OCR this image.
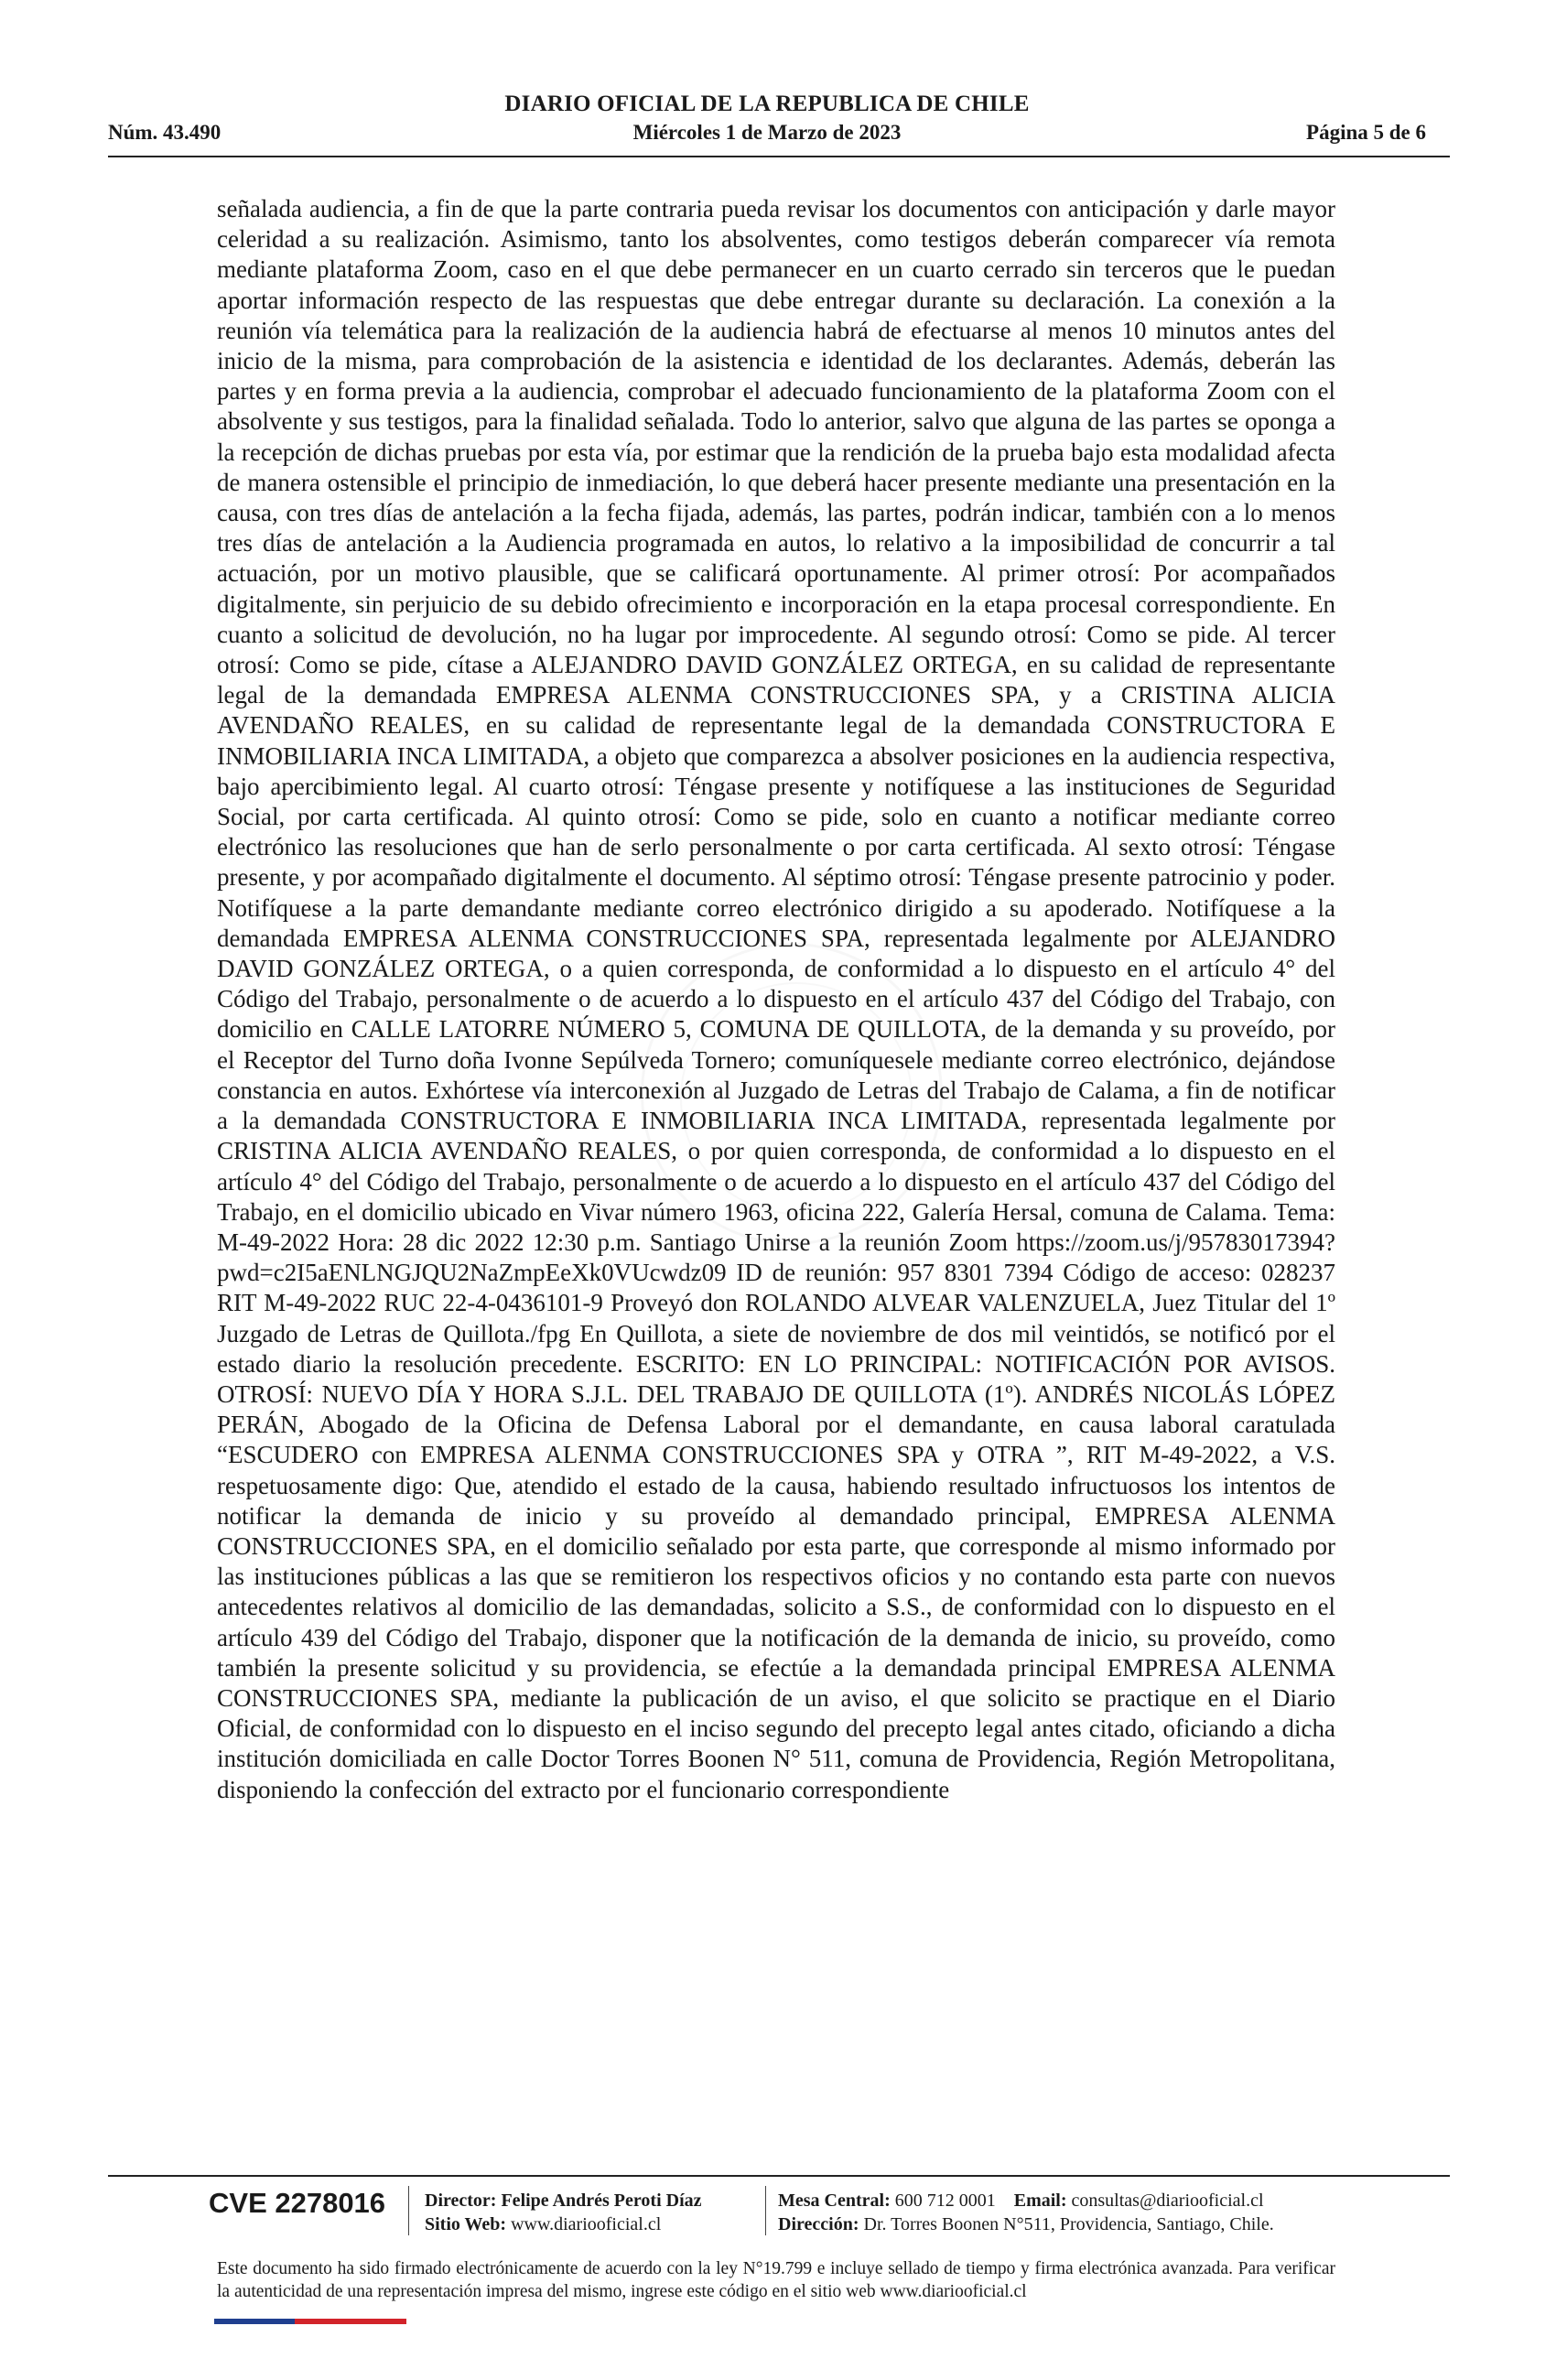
DIARIO OFICIAL DE LA REPUBLICA DE CHILE
Núm. 43.490	Miércoles 1 de Marzo de 2023	Página 5 de 6
señalada audiencia, a fin de que la parte contraria pueda revisar los documentos con anticipación y darle mayor celeridad a su realización. Asimismo, tanto los absolventes, como testigos deberán comparecer vía remota mediante plataforma Zoom, caso en el que debe permanecer en un cuarto cerrado sin terceros que le puedan aportar información respecto de las respuestas que debe entregar durante su declaración. La conexión a la reunión vía telemática para la realización de la audiencia habrá de efectuarse al menos 10 minutos antes del inicio de la misma, para comprobación de la asistencia e identidad de los declarantes. Además, deberán las partes y en forma previa a la audiencia, comprobar el adecuado funcionamiento de la plataforma Zoom con el absolvente y sus testigos, para la finalidad señalada. Todo lo anterior, salvo que alguna de las partes se oponga a la recepción de dichas pruebas por esta vía, por estimar que la rendición de la prueba bajo esta modalidad afecta de manera ostensible el principio de inmediación, lo que deberá hacer presente mediante una presentación en la causa, con tres días de antelación a la fecha fijada, además, las partes, podrán indicar, también con a lo menos tres días de antelación a la Audiencia programada en autos, lo relativo a la imposibilidad de concurrir a tal actuación, por un motivo plausible, que se calificará oportunamente. Al primer otrosí: Por acompañados digitalmente, sin perjuicio de su debido ofrecimiento e incorporación en la etapa procesal correspondiente. En cuanto a solicitud de devolución, no ha lugar por improcedente. Al segundo otrosí: Como se pide. Al tercer otrosí: Como se pide, cítase a ALEJANDRO DAVID GONZÁLEZ ORTEGA, en su calidad de representante legal de la demandada EMPRESA ALENMA CONSTRUCCIONES SPA, y a CRISTINA ALICIA AVENDAÑO REALES, en su calidad de representante legal de la demandada CONSTRUCTORA E INMOBILIARIA INCA LIMITADA, a objeto que comparezca a absolver posiciones en la audiencia respectiva, bajo apercibimiento legal. Al cuarto otrosí: Téngase presente y notifíquese a las instituciones de Seguridad Social, por carta certificada. Al quinto otrosí: Como se pide, solo en cuanto a notificar mediante correo electrónico las resoluciones que han de serlo personalmente o por carta certificada. Al sexto otrosí: Téngase presente, y por acompañado digitalmente el documento. Al séptimo otrosí: Téngase presente patrocinio y poder. Notifíquese a la parte demandante mediante correo electrónico dirigido a su apoderado. Notifíquese a la demandada EMPRESA ALENMA CONSTRUCCIONES SPA, representada legalmente por ALEJANDRO DAVID GONZÁLEZ ORTEGA, o a quien corresponda, de conformidad a lo dispuesto en el artículo 4° del Código del Trabajo, personalmente o de acuerdo a lo dispuesto en el artículo 437 del Código del Trabajo, con domicilio en CALLE LATORRE NÚMERO 5, COMUNA DE QUILLOTA, de la demanda y su proveído, por el Receptor del Turno doña Ivonne Sepúlveda Tornero; comuníquesele mediante correo electrónico, dejándose constancia en autos. Exhórtese vía interconexión al Juzgado de Letras del Trabajo de Calama, a fin de notificar a la demandada CONSTRUCTORA E INMOBILIARIA INCA LIMITADA, representada legalmente por CRISTINA ALICIA AVENDAÑO REALES, o por quien corresponda, de conformidad a lo dispuesto en el artículo 4° del Código del Trabajo, personalmente o de acuerdo a lo dispuesto en el artículo 437 del Código del Trabajo, en el domicilio ubicado en Vivar número 1963, oficina 222, Galería Hersal, comuna de Calama. Tema: M-49-2022 Hora: 28 dic 2022 12:30 p.m. Santiago Unirse a la reunión Zoom https://zoom.us/j/95783017394?pwd=c2I5aENLNGJQU2NaZmpEeXk0VUcwdz09 ID de reunión: 957 8301 7394 Código de acceso: 028237 RIT M-49-2022 RUC 22-4-0436101-9 Proveyó don ROLANDO ALVEAR VALENZUELA, Juez Titular del 1º Juzgado de Letras de Quillota./fpg En Quillota, a siete de noviembre de dos mil veintidós, se notificó por el estado diario la resolución precedente. ESCRITO: EN LO PRINCIPAL: NOTIFICACIÓN POR AVISOS. OTROSÍ: NUEVO DÍA Y HORA S.J.L. DEL TRABAJO DE QUILLOTA (1º). ANDRÉS NICOLÁS LÓPEZ PERÁN, Abogado de la Oficina de Defensa Laboral por el demandante, en causa laboral caratulada “ESCUDERO con EMPRESA ALENMA CONSTRUCCIONES SPA y OTRA ”, RIT M-49-2022, a V.S. respetuosamente digo: Que, atendido el estado de la causa, habiendo resultado infructuosos los intentos de notificar la demanda de inicio y su proveído al demandado principal, EMPRESA ALENMA CONSTRUCCIONES SPA, en el domicilio señalado por esta parte, que corresponde al mismo informado por las instituciones públicas a las que se remitieron los respectivos oficios y no contando esta parte con nuevos antecedentes relativos al domicilio de las demandadas, solicito a S.S., de conformidad con lo dispuesto en el artículo 439 del Código del Trabajo, disponer que la notificación de la demanda de inicio, su proveído, como también la presente solicitud y su providencia, se efectúe a la demandada principal EMPRESA ALENMA CONSTRUCCIONES SPA, mediante la publicación de un aviso, el que solicito se practique en el Diario Oficial, de conformidad con lo dispuesto en el inciso segundo del precepto legal antes citado, oficiando a dicha institución domiciliada en calle Doctor Torres Boonen N° 511, comuna de Providencia, Región Metropolitana, disponiendo la confección del extracto por el funcionario correspondiente
CVE 2278016 Director: Felipe Andrés Peroti Díaz
Sitio Web: www.diariooficial.cl
Mesa Central: 600 712 0001 Email: consultas@diariooficial.cl
Dirección: Dr. Torres Boonen N°511, Providencia, Santiago, Chile.
Este documento ha sido firmado electrónicamente de acuerdo con la ley N°19.799 e incluye sellado de tiempo y firma electrónica avanzada. Para verificar la autenticidad de una representación impresa del mismo, ingrese este código en el sitio web www.diariooficial.cl
